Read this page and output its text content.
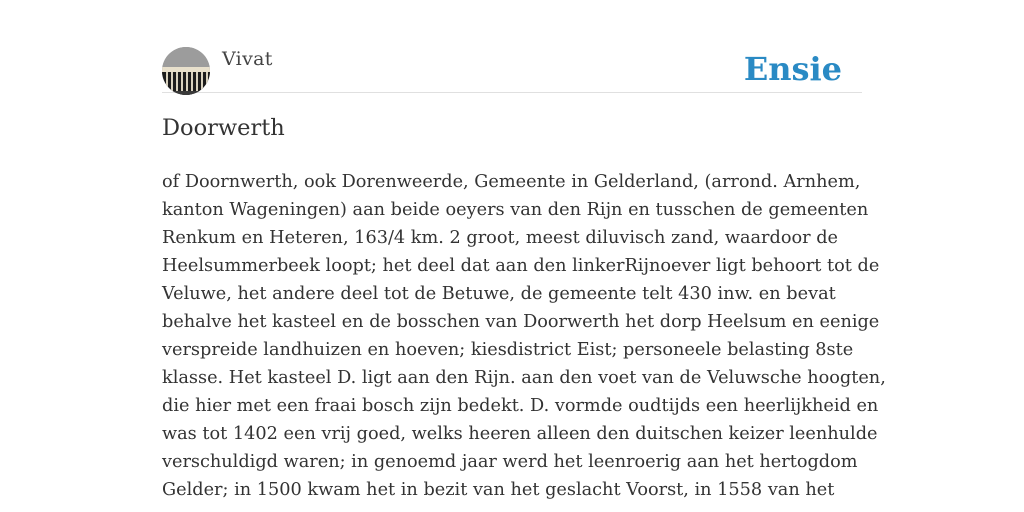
Vivat	Ensie
Doorwerth
of Doornwerth, ook Dorenweerde, Gemeente in Gelderland, (arrond. Arnhem,
kanton Wageningen) aan beide oeyers van den Rijn en tusschen de gemeenten
Renkum en Heteren, 163/4 km. 2 groot, meest diluvisch zand, waardoor de
Heelsummerbeek loopt; het deel dat aan den linkerRijnoever ligt behoort tot de
Veluwe, het andere deel tot de Betuwe, de gemeente telt 430 inw. en bevat
behalve het kasteel en de bosschen van Doorwerth het dorp Heelsum en eenige
verspreide landhuizen en hoeven; kiesdistrict Eist; personeele belasting 8ste
klasse. Het kasteel D. ligt aan den Rijn. aan den voet van de Veluwsche hoogten,
die hier met een fraai bosch zijn bedekt. D. vormde oudtijds een heerlijkheid en
was tot 1402 een vrij goed, welks heeren alleen den duitschen keizer leenhulde
verschuldigd waren; in genoemd jaar werd het leenroerig aan het hertogdom
Gelder; in 1500 kwam het in bezit van het geslacht Voorst, in 1558 van het
